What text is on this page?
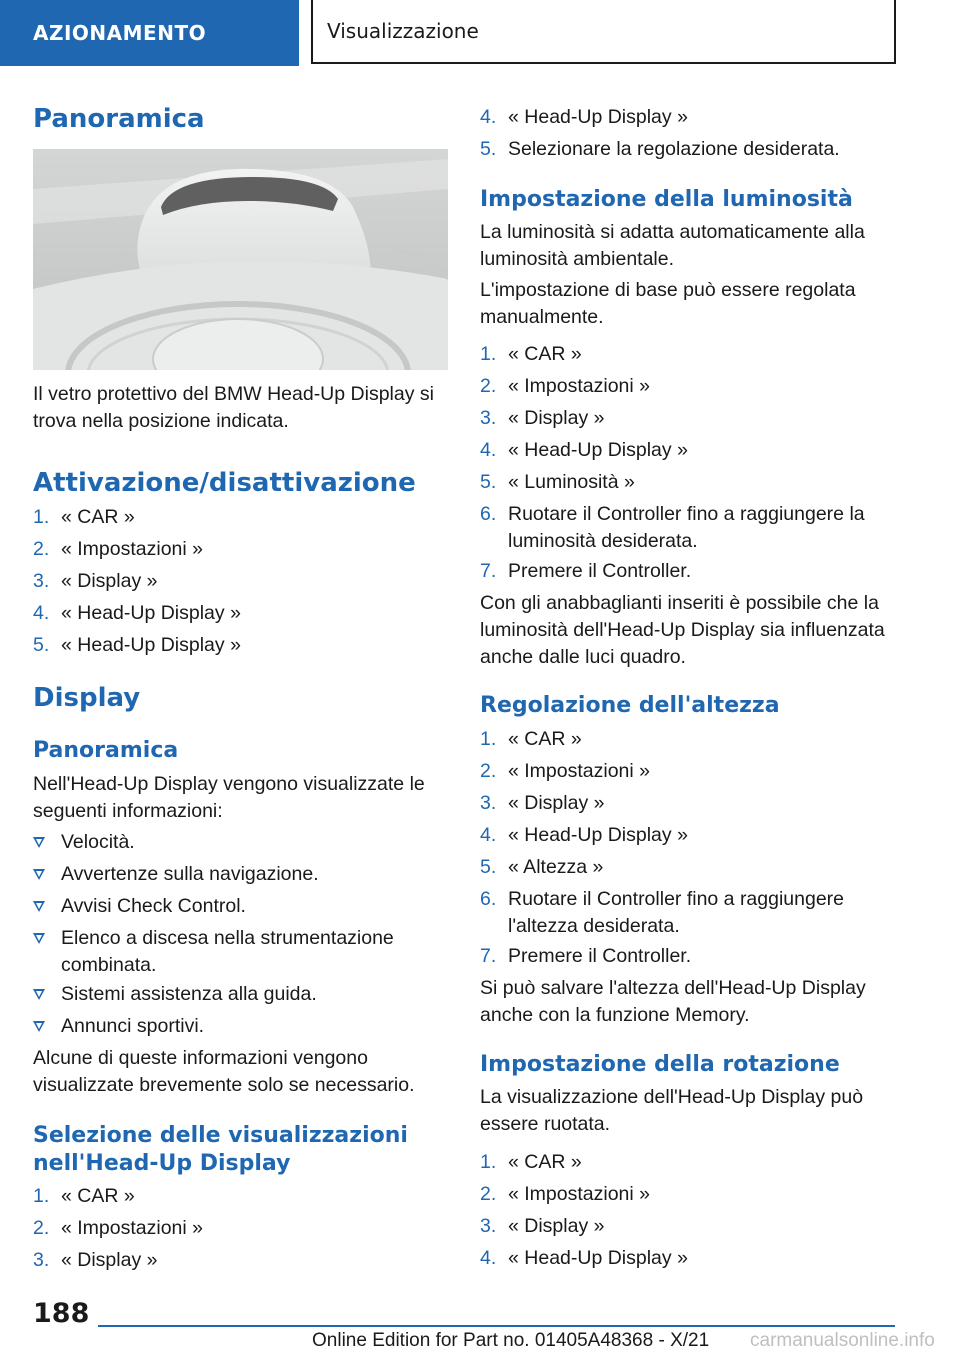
AZIONAMENTO	Visualizzazione
Panoramica
Il vetro protettivo del BMW Head-Up Display si trova nella posizione indicata.
Attivazione/disattivazione
1. « CAR »
2. « Impostazioni »
3. « Display »
4. « Head-Up Display »
5. « Head-Up Display »
Display
Panoramica
Nell'Head-Up Display vengono visualizzate le seguenti informazioni:
Velocità.
Avvertenze sulla navigazione.
Avvisi Check Control.
Elenco a discesa nella strumentazione combinata.
Sistemi assistenza alla guida.
Annunci sportivi.
Alcune di queste informazioni vengono visualizzate brevemente solo se necessario.
Selezione delle visualizzazioni nell'Head-Up Display
1. « CAR »
2. « Impostazioni »
3. « Display »
4. « Head-Up Display »
5. Selezionare la regolazione desiderata.
Impostazione della luminosità
La luminosità si adatta automaticamente alla luminosità ambientale.
L'impostazione di base può essere regolata manualmente.
1. « CAR »
2. « Impostazioni »
3. « Display »
4. « Head-Up Display »
5. « Luminosità »
6. Ruotare il Controller fino a raggiungere la luminosità desiderata.
7. Premere il Controller.
Con gli anabbaglianti inseriti è possibile che la luminosità dell'Head-Up Display sia influenzata anche dalle luci quadro.
Regolazione dell'altezza
1. « CAR »
2. « Impostazioni »
3. « Display »
4. « Head-Up Display »
5. « Altezza »
6. Ruotare il Controller fino a raggiungere l'altezza desiderata.
7. Premere il Controller.
Si può salvare l'altezza dell'Head-Up Display anche con la funzione Memory.
Impostazione della rotazione
La visualizzazione dell'Head-Up Display può essere ruotata.
1. « CAR »
2. « Impostazioni »
3. « Display »
4. « Head-Up Display »
188
Online Edition for Part no. 01405A48368 - X/21 carmanualsonline.info
